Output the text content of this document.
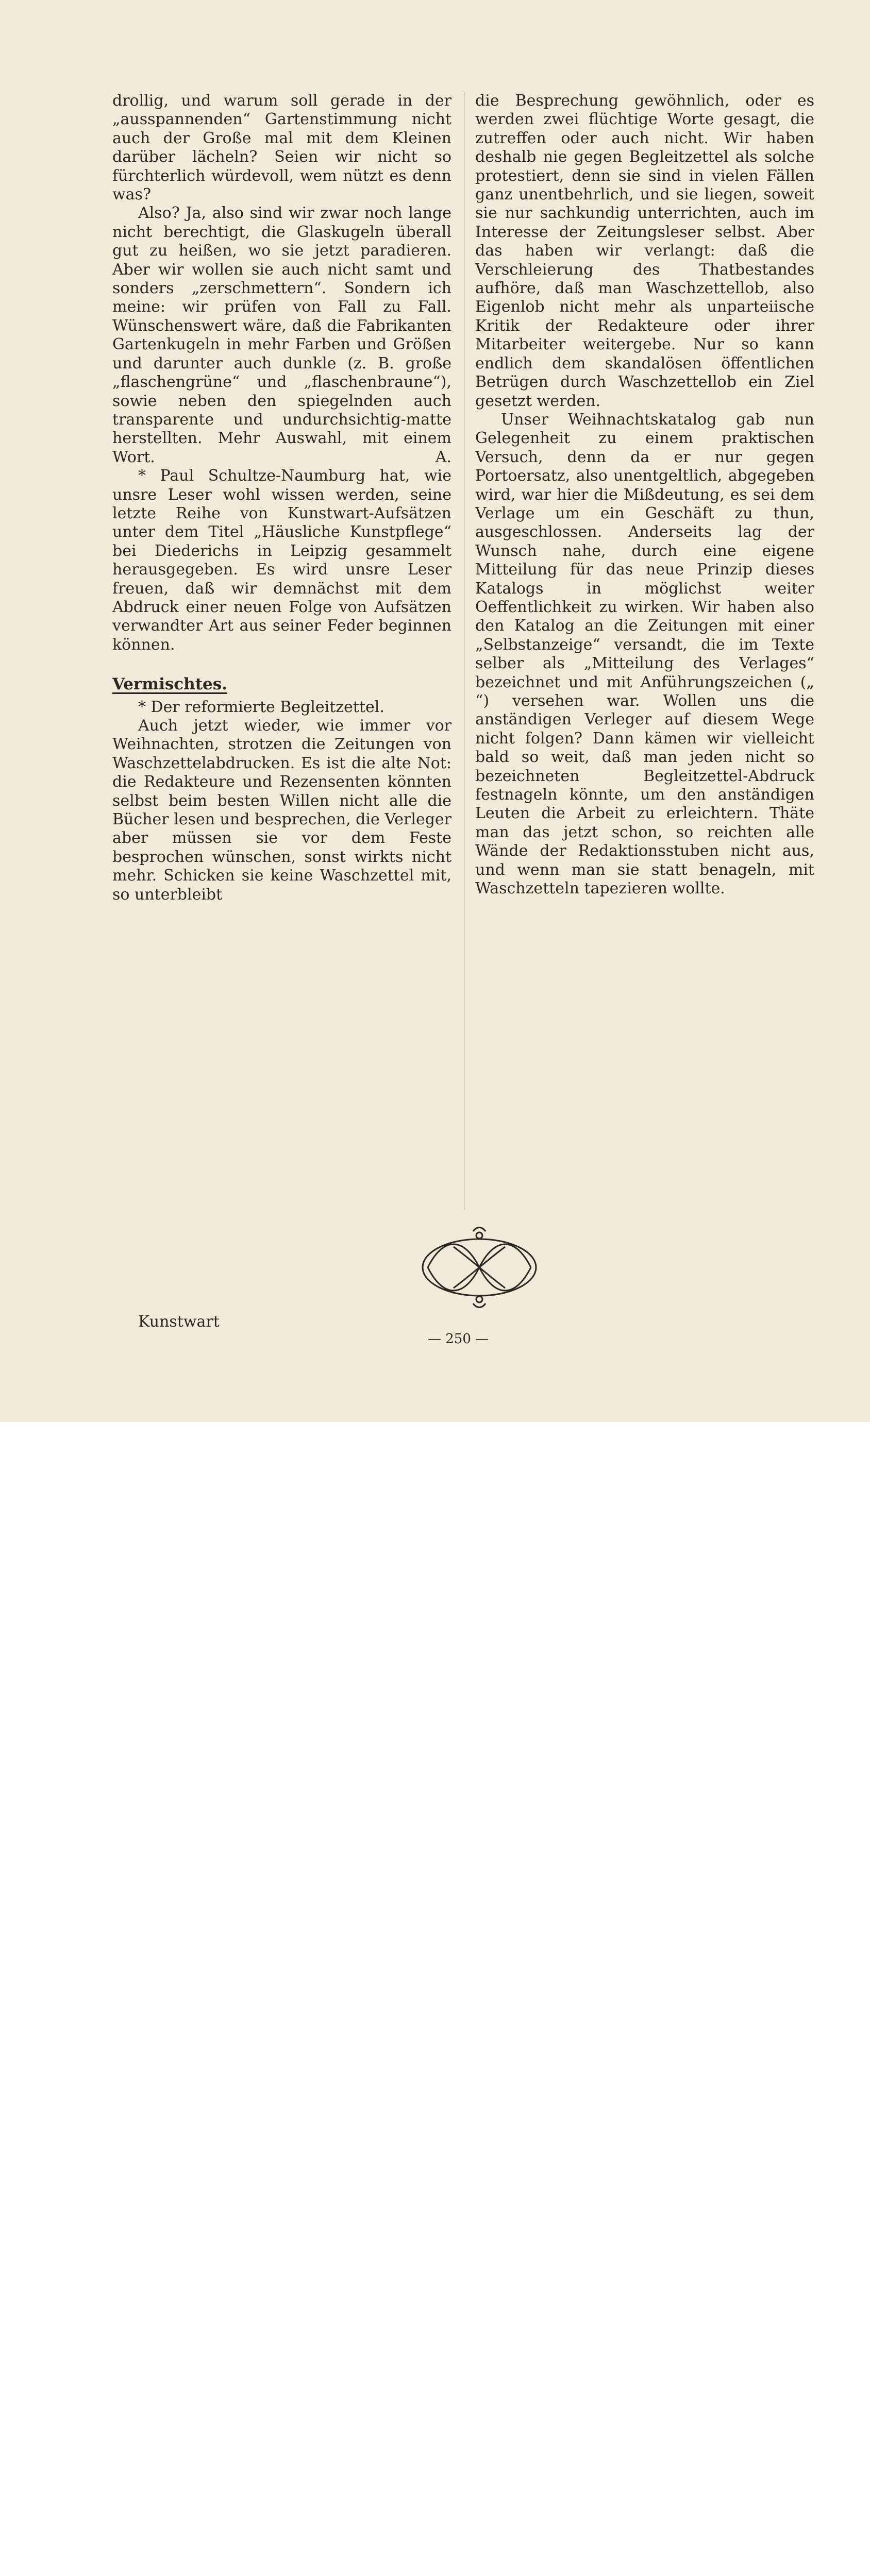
drollig, und warum soll gerade in der „ausspannenden“ Gartenstimmung nicht auch der Große mal mit dem Kleinen darüber lächeln? Seien wir nicht so fürchterlich würdevoll, wem nützt es denn was?

Also? Ja, also sind wir zwar noch lange nicht berechtigt, die Glaskugeln überall gut zu heißen, wo sie jetzt paradieren. Aber wir wollen sie auch nicht samt und sonders „zerschmettern“. Sondern ich meine: wir prüfen von Fall zu Fall. Wünschenswert wäre, daß die Fabrikanten Gartenkugeln in mehr Farben und Größen und darunter auch dunkle (z. B. große „flaschengrüne“ und „flaschenbraune“), sowie neben den spiegelnden auch transparente und undurchsichtig-matte herstellten. Mehr Auswahl, mit einem Wort.	A.

* Paul Schultze-Naumburg hat, wie unsre Leser wohl wissen werden, seine letzte Reihe von Kunstwart-Aufsätzen unter dem Titel „Häusliche Kunstpflege“ bei Diederichs in Leipzig gesammelt herausgegeben. Es wird unsre Leser freuen, daß wir demnächst mit dem Abdruck einer neuen Folge von Aufsätzen verwandter Art aus seiner Feder beginnen können.

Vermischtes.

* Der reformierte Begleitzettel.

Auch jetzt wieder, wie immer vor Weihnachten, strotzen die Zeitungen von Waschzettelabdrucken. Es ist die alte Not: die Redakteure und Rezensenten könnten selbst beim besten Willen nicht alle die Bücher lesen und besprechen, die Verleger aber müssen sie vor dem Feste besprochen wünschen, sonst wirkts nicht mehr. Schicken sie keine Waschzettel mit, so unterbleibt

die Besprechung gewöhnlich, oder es werden zwei flüchtige Worte gesagt, die zutreffen oder auch nicht. Wir haben deshalb nie gegen Begleitzettel als solche protestiert, denn sie sind in vielen Fällen ganz unentbehrlich, und sie liegen, soweit sie nur sachkundig unterrichten, auch im Interesse der Zeitungsleser selbst. Aber das haben wir verlangt: daß die Verschleierung des Thatbestandes aufhöre, daß man Waschzettellob, also Eigenlob nicht mehr als unparteiische Kritik der Redakteure oder ihrer Mitarbeiter weitergebe. Nur so kann endlich dem skandalösen öffentlichen Betrügen durch Waschzettellob ein Ziel gesetzt werden.

Unser Weihnachtskatalog gab nun Gelegenheit zu einem praktischen Versuch, denn da er nur gegen Portoersatz, also unentgeltlich, abgegeben wird, war hier die Mißdeutung, es sei dem Verlage um ein Geschäft zu thun, ausgeschlossen. Anderseits lag der Wunsch nahe, durch eine eigene Mitteilung für das neue Prinzip dieses Katalogs in möglichst weiter Oeffentlichkeit zu wirken. Wir haben also den Katalog an die Zeitungen mit einer „Selbstanzeige“ versandt, die im Texte selber als „Mitteilung des Verlages“ bezeichnet und mit Anführungszeichen („ “) versehen war. Wollen uns die anständigen Verleger auf diesem Wege nicht folgen? Dann kämen wir vielleicht bald so weit, daß man jeden nicht so bezeichneten Begleitzettel-Abdruck festnageln könnte, um den anständigen Leuten die Arbeit zu erleichtern. Thäte man das jetzt schon, so reichten alle Wände der Redaktionsstuben nicht aus, und wenn man sie statt benageln, mit Waschzetteln tapezieren wollte.

Kunstwart
— 250 —
